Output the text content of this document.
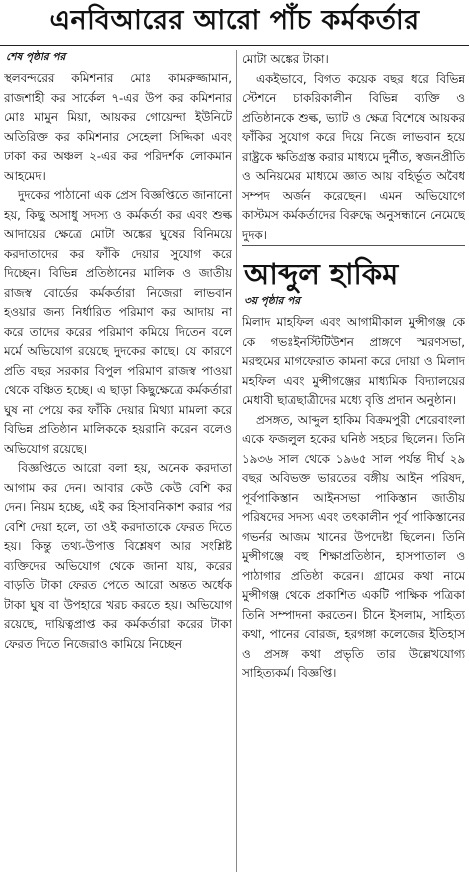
এনবিআরের আরো পাঁচ কর্মকর্তার
শেষ পৃষ্ঠার পর

স্থলবন্দরের কমিশনার মোঃ কামরুজ্জামান, রাজশাহী কর সার্কেল ৭-এর উপ কর কমিশনার মোঃ মামুন মিয়া, আয়কর গোয়েন্দা ইউনিটে অতিরিক্ত কর কমিশনার সেহেলা সিদ্দিকা এবং ঢাকা কর অঞ্চল ২-এর কর পরিদর্শক লোকমান আহমেদ।

দুদকের পাঠানো এক প্রেস বিজ্ঞপ্তিতে জানানো হয়, কিছু অসাধু সদস্য ও কর্মকর্তা কর এবং শুল্ক আদায়ের ক্ষেত্রে মোটা অঙ্কের ঘুষের বিনিময়ে করদাতাদের কর ফাঁকি দেয়ার সুযোগ করে দিচ্ছেন। বিভিন্ন প্রতিষ্ঠানের মালিক ও জাতীয় রাজস্ব বোর্ডের কর্মকর্তারা নিজেরা লাভবান হওয়ার জন্য নির্ধারিত পরিমাণ কর আদায় না করে তাদের করের পরিমাণ কমিয়ে দিতেন বলে মর্মে অভিযোগ রয়েছে দুদকের কাছে। যে কারণে প্রতি বছর সরকার বিপুল পরিমাণ রাজস্ব পাওয়া থেকে বঞ্চিত হচ্ছে। এ ছাড়া কিছুক্ষেত্রে কর্মকর্তারা ঘুষ না পেয়ে কর ফাঁকি দেয়ার মিথ্যা মামলা করে বিভিন্ন প্রতিষ্ঠান মালিককে হয়রানি করেন বলেও অভিযোগ রয়েছে।

বিজ্ঞপ্তিতে আরো বলা হয়, অনেক করদাতা আগাম কর দেন। আবার কেউ কেউ বেশি কর দেন। নিয়ম হচ্ছে, এই কর হিসাবনিকাশ করার পর বেশি দেয়া হলে, তা ওই করদাতাকে ফেরত দিতে হয়। কিন্তু তথ্য-উপাত্ত বিশ্লেষণ আর সংশ্লিষ্ট ব্যক্তিদের অভিযোগ থেকে জানা যায়, করের বাড়তি টাকা ফেরত পেতে আরো অন্তত অর্ধেক টাকা ঘুষ বা উপহারে খরচ করতে হয়। অভিযোগ রয়েছে, দায়িত্বপ্রাপ্ত কর কর্মকর্তারা করের টাকা ফেরত দিতে নিজেরাও কামিয়ে নিচ্ছেন

মোটা অঙ্কের টাকা।

একইভাবে, বিগত কয়েক বছর ধরে বিভিন্ন স্টেশনে চাকরিকালীন বিভিন্ন ব্যক্তি ও প্রতিষ্ঠানকে শুল্ক, ভ্যাট ও ক্ষেত্র বিশেষে আয়কর ফাঁকির সুযোগ করে দিয়ে নিজে লাভবান হয়ে রাষ্ট্রকে ক্ষতিগ্রস্ত করার মাধ্যমে দুর্নীত, স্বজনপ্রীতি ও অনিয়মের মাধ্যমে জ্ঞাত আয় বহির্ভূত অবৈধ সম্পদ অর্জন করেছেন। এমন অভিযোগে কাস্টমস কর্মকর্তাদের বিরুদ্ধে অনুসন্ধানে নেমেছে দুদক।

আব্দুল হাকিম
৩য় পৃষ্ঠার পর

মিলাদ মাহফিল এবং আগামীকাল মুন্সীগঞ্জ কে কে গভঃইনস্টিটিউশন প্রাঙ্গণে স্মরণসভা, মরহুমের মাগফেরাত কামনা করে দোয়া ও মিলাদ মহফিল এবং মুন্সীগঞ্জের মাধ্যমিক বিদ্যালয়ের মেধাবী ছাত্রছাত্রীদের মধ্যে বৃত্তি প্রদান অনুষ্ঠান।

প্রসঙ্গত, আব্দুল হাকিম বিক্রমপুরী শেরেবাংলা একে ফজলুল হকের ঘনিষ্ঠ সহচর ছিলেন। তিনি ১৯৩৬ সাল থেকে ১৯৬৫ সাল পর্যন্ত দীর্ঘ ২৯ বছর অবিভক্ত ভারতের বঙ্গীয় আইন পরিষদ, পূর্বপাকিস্তান আইনসভা পাকিস্তান জাতীয় পরিষদের সদস্য এবং তৎকালীন পূর্ব পাকিস্তানের গভর্নর আজম খানের উপদেষ্টা ছিলেন। তিনি মুন্সীগঞ্জে বহু শিক্ষাপ্রতিষ্ঠান, হাসপাতাল ও পাঠাগার প্রতিষ্ঠা করেন। গ্রামের কথা নামে মুন্সীগঞ্জ থেকে প্রকাশিত একটি পাক্ষিক পত্রিকা তিনি সম্পাদনা করতেন। চীনে ইসলাম, সাহিত্য কথা, পানের বোরজ, হরগঙ্গা কলেজের ইতিহাস ও প্রসঙ্গ কথা প্রভৃতি তার উল্লেখযোগ্য সাহিত্যকর্ম। বিজ্ঞপ্তি।
